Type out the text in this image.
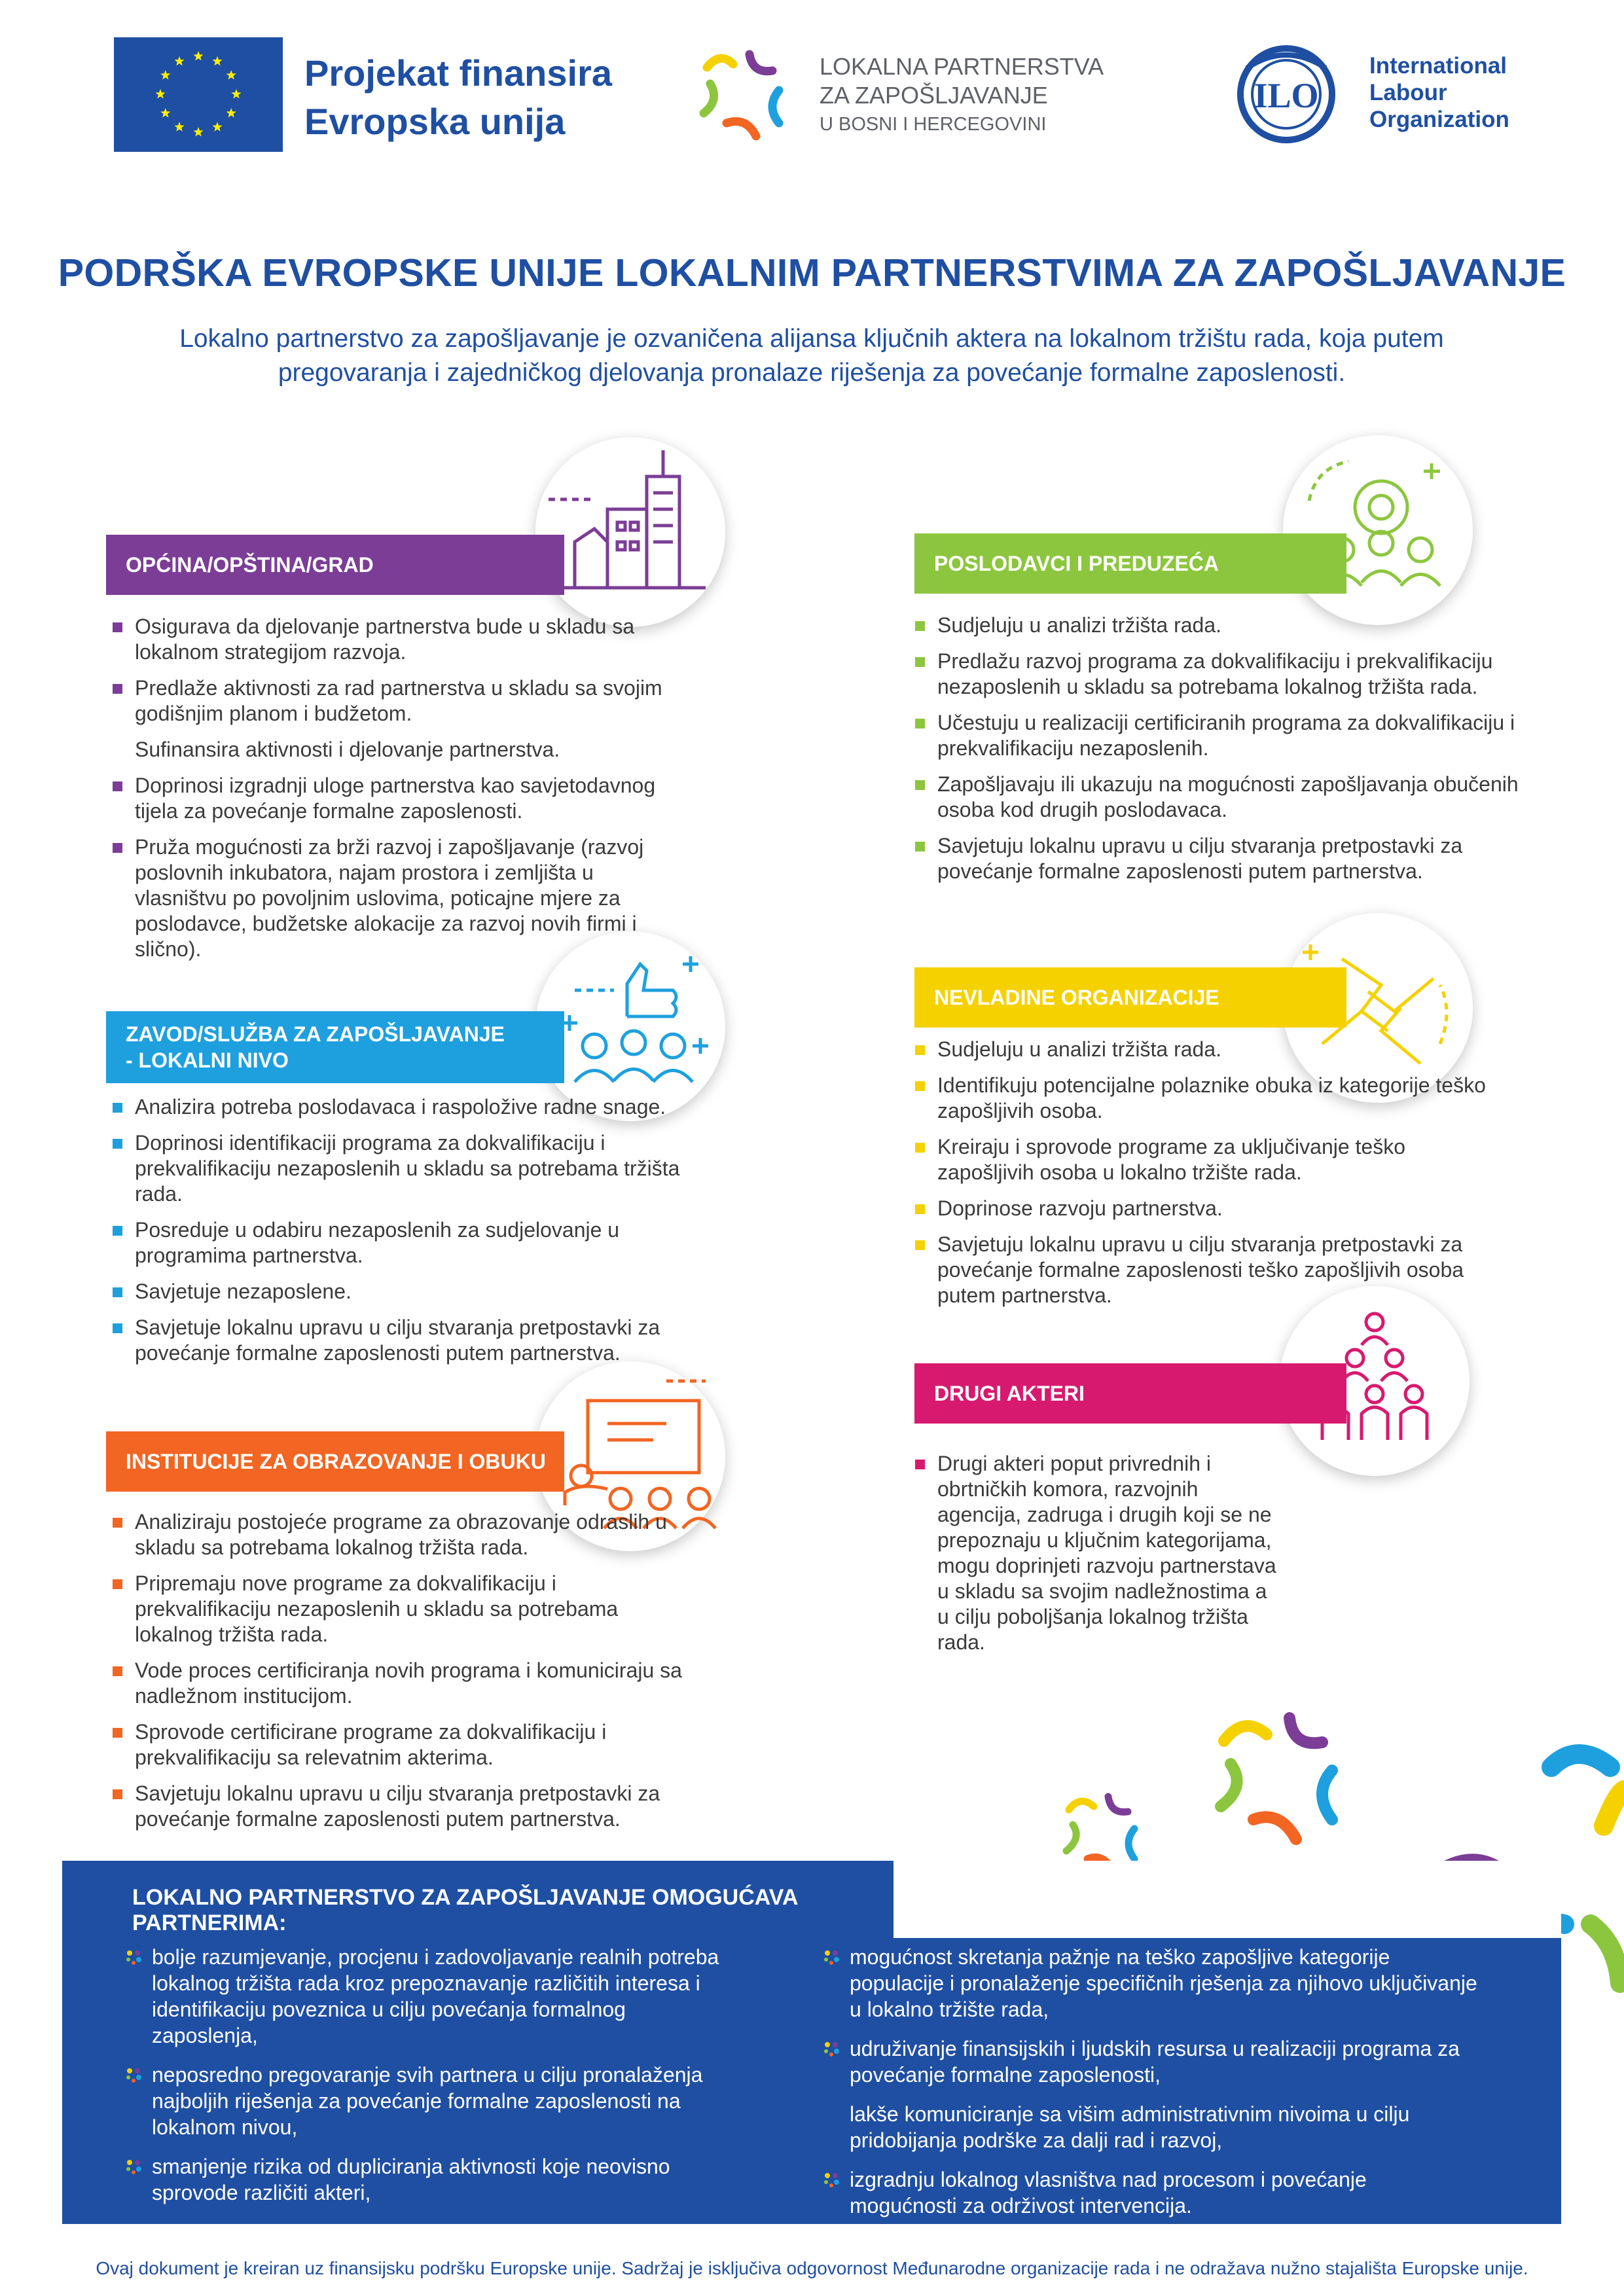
Projekat finansira
Evropska unija
LOKALNA PARTNERSTVA
ZA ZAPOŠLJAVANJE
U BOSNI I HERCEGOVINI
ILO
International
Labour
Organization
PODRŠKA EVROPSKE UNIJE LOKALNIM PARTNERSTVIMA ZA ZAPOŠLJAVANJE
Lokalno partnerstvo za zapošljavanje je ozvaničena alijansa ključnih aktera na lokalnom tržištu rada, koja putem
pregovaranja i zajedničkog djelovanja pronalaze riješenja za povećanje formalne zaposlenosti.
OPĆINA/OPŠTINA/GRAD
Osigurava da djelovanje partnerstva bude u skladu sa lokalnom strategijom razvoja.
Predlaže aktivnosti za rad partnerstva u skladu sa svojim godišnjim planom i budžetom.
Sufinansira aktivnosti i djelovanje partnerstva.
Doprinosi izgradnji uloge partnerstva kao savjetodavnog tijela za povećanje formalne zaposlenosti.
Pruža mogućnosti za brži razvoj i zapošljavanje (razvoj poslovnih inkubatora, najam prostora i zemljišta u vlasništvu po povoljnim uslovima, poticajne mjere za poslodavce, budžetske alokacije za razvoj novih firmi i slično).
POSLODAVCI I PREDUZEĆA
Sudjeluju u analizi tržišta rada.
Predlažu razvoj programa za dokvalifikaciju i prekvalifikaciju nezaposlenih u skladu sa potrebama lokalnog tržišta rada.
Učestuju u realizaciji certificiranih programa za dokvalifikaciju i prekvalifikaciju nezaposlenih.
Zapošljavaju ili ukazuju na mogućnosti zapošljavanja obučenih osoba kod drugih poslodavaca.
Savjetuju lokalnu upravu u cilju stvaranja pretpostavki za povećanje formalne zaposlenosti putem partnerstva.
ZAVOD/SLUŽBA ZA ZAPOŠLJAVANJE
- LOKALNI NIVO
Analizira potreba poslodavaca i raspoložive radne snage.
Doprinosi identifikaciji programa za dokvalifikaciju i prekvalifikaciju nezaposlenih u skladu sa potrebama tržišta rada.
Posreduje u odabiru nezaposlenih za sudjelovanje u programima partnerstva.
Savjetuje nezaposlene.
Savjetuje lokalnu upravu u cilju stvaranja pretpostavki za povećanje formalne zaposlenosti putem partnerstva.
NEVLADINE ORGANIZACIJE
Sudjeluju u analizi tržišta rada.
Identifikuju potencijalne polaznike obuka iz kategorije teško zapošljivih osoba.
Kreiraju i sprovode programe za uključivanje teško zapošljivih osoba u lokalno tržište rada.
Doprinose razvoju partnerstva.
Savjetuju lokalnu upravu u cilju stvaranja pretpostavki za povećanje formalne zaposlenosti teško zapošljivih osoba putem partnerstva.
INSTITUCIJE ZA OBRAZOVANJE I OBUKU
Analiziraju postojeće programe za obrazovanje odraslih u skladu sa potrebama lokalnog tržišta rada.
Pripremaju nove programe za dokvalifikaciju i prekvalifikaciju nezaposlenih u skladu sa potrebama lokalnog tržišta rada.
Vode proces certificiranja novih programa i komuniciraju sa nadležnom institucijom.
Sprovode certificirane programe za dokvalifikaciju i prekvalifikaciju sa relevatnim akterima.
Savjetuju lokalnu upravu u cilju stvaranja pretpostavki za povećanje formalne zaposlenosti putem partnerstva.
DRUGI AKTERI
Drugi akteri poput privrednih i obrtničkih komora, razvojnih agencija, zadruga i drugih koji se ne prepoznaju u ključnim kategorijama, mogu doprinjeti razvoju partnerstava u skladu sa svojim nadležnostima a u cilju poboljšanja lokalnog tržišta rada.
LOKALNO PARTNERSTVO ZA ZAPOŠLJAVANJE OMOGUĆAVA PARTNERIMA:
bolje razumjevanje, procjenu i zadovoljavanje realnih potreba lokalnog tržišta rada kroz prepoznavanje različitih interesa i identifikaciju poveznica u cilju povećanja formalnog zaposlenja,
neposredno pregovaranje svih partnera u cilju pronalaženja najboljih riješenja za povećanje formalne zaposlenosti na lokalnom nivou,
smanjenje rizika od dupliciranja aktivnosti koje neovisno sprovode različiti akteri,
mogućnost skretanja pažnje na teško zapošljive kategorije populacije i pronalaženje specifičnih rješenja za njihovo uključivanje u lokalno tržište rada,
udruživanje finansijskih i ljudskih resursa u realizaciji programa za povećanje formalne zaposlenosti,
lakše komuniciranje sa višim administrativnim nivoima u cilju pridobijanja podrške za dalji rad i razvoj,
izgradnju lokalnog vlasništva nad procesom i povećanje mogućnosti za održivost intervencija.
Ovaj dokument je kreiran uz finansijsku podršku Europske unije. Sadržaj je isključiva odgovornost Međunarodne organizacije rada i ne odražava nužno stajališta Europske unije.
